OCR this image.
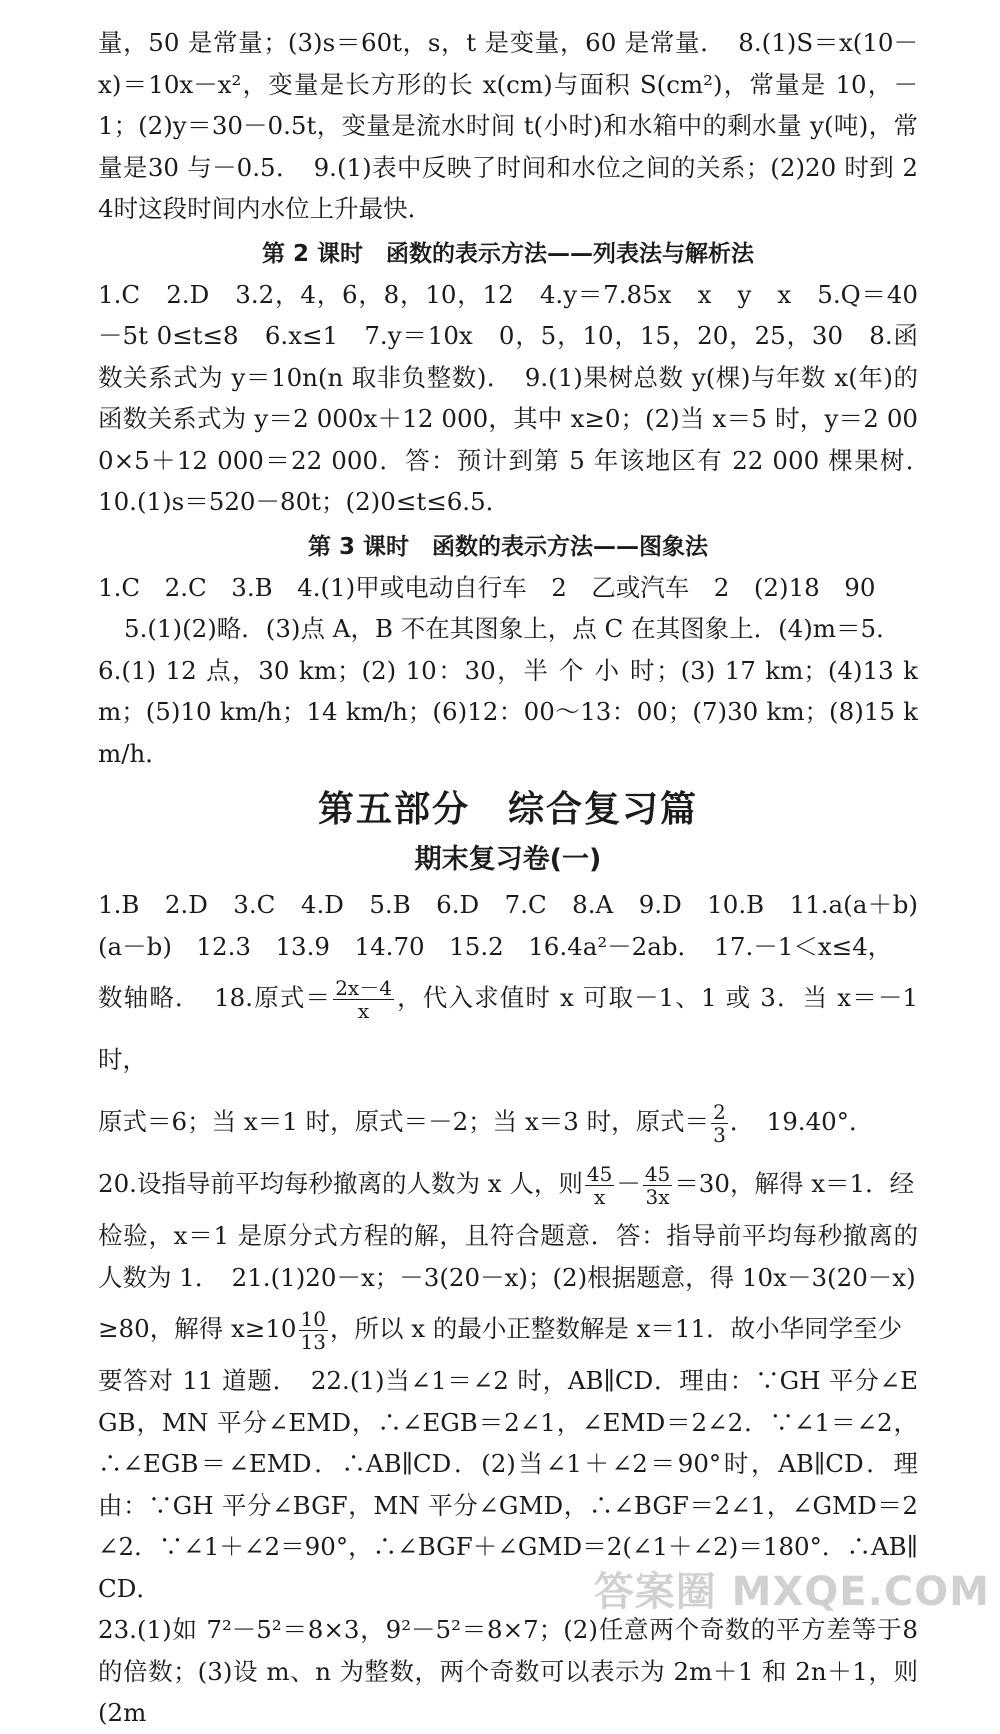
量，50 是常量；(3)s＝60t，s，t 是变量，60 是常量．　8.(1)S＝x(10－x)＝10x－x²，变量是长方形的长 x(cm)与面积 S(cm²)，常量是 10，－1；(2)y＝30－0.5t，变量是流水时间 t(小时)和水箱中的剩水量 y(吨)，常量是30 与－0.5．　9.(1)表中反映了时间和水位之间的关系；(2)20 时到 24时这段时间内水位上升最快．

第 2 课时　函数的表示方法——列表法与解析法

1.C　2.D　3.2，4，6，8，10，12　4.y＝7.85x　x　y　x　5.Q＝40－5t 0≤t≤8　6.x≤1　7.y＝10x　0，5，10，15，20，25，30　8.函数关系式为 y＝10n(n 取非负整数)．　9.(1)果树总数 y(棵)与年数 x(年)的函数关系式为 y＝2 000x＋12 000，其中 x≥0；(2)当 x＝5 时，y＝2 000×5＋12 000＝22 000．答：预计到第 5 年该地区有 22 000 棵果树．　10.(1)s＝520－80t；(2)0≤t≤6.5．

第 3 课时　函数的表示方法——图象法

1.C　2.C　3.B　4.(1)甲或电动自行车　2　乙或汽车　2　(2)18　90

5.(1)(2)略．(3)点 A，B 不在其图象上，点 C 在其图象上．(4)m＝5．

6.(1) 12 点，30 km；(2) 10：30，半 个 小 时；(3) 17 km；(4)13 km；(5)10 km/h；14 km/h；(6)12：00～13：00；(7)30 km；(8)15 km/h．

第五部分　综合复习篇
期末复习卷(一)

1.B　2.D　3.C　4.D　5.B　6.D　7.C　8.A　9.D　10.B　11.a(a＋b)(a－b)　12.3　13.9　14.70　15.2　16.4a²－2ab．　17.－1＜x≤4，

数轴略．　18.原式＝ $\frac{2x-4}{x}$ ，代入求值时 x 可取－1、1 或 3．当 x＝－1 时，

原式＝6；当 x＝1 时，原式＝－2；当 x＝3 时，原式＝ $\frac{2}{3}$ ．　19.40°．

20.设指导前平均每秒撤离的人数为 x 人，则 $\frac{45}{x} - \frac{45}{3x} =30$，解得 x＝1．经

检验，x＝1 是原分式方程的解，且符合题意．答：指导前平均每秒撤离的人数为 1．　21.(1)20－x；－3(20－x)；(2)根据题意，得 10x－3(20－x)

≥80，解得 $x\ge 10 \frac{10}{13}$ ，所以 x 的最小正整数解是 x＝11．故小华同学至少

要答对 11 道题．　22.(1)当∠1＝∠2 时，AB∥CD．理由：∵GH 平分∠EGB，MN 平分∠EMD，∴∠EGB＝2∠1，∠EMD＝2∠2．∵∠1＝∠2，∴∠EGB＝∠EMD．∴AB∥CD．(2)当∠1＋∠2＝90°时，AB∥CD．理由：∵GH 平分∠BGF，MN 平分∠GMD，∴∠BGF＝2∠1，∠GMD＝2∠2．∵∠1＋∠2＝90°，∴∠BGF＋∠GMD＝2(∠1＋∠2)＝180°．∴AB∥CD．

23.(1)如 7²－5²＝8×3，9²－5²＝8×7；(2)任意两个奇数的平方差等于8的倍数；(3)设 m、n 为整数，两个奇数可以表示为 2m＋1 和 2n＋1，则(2m

答案圈 MXQE.COM
